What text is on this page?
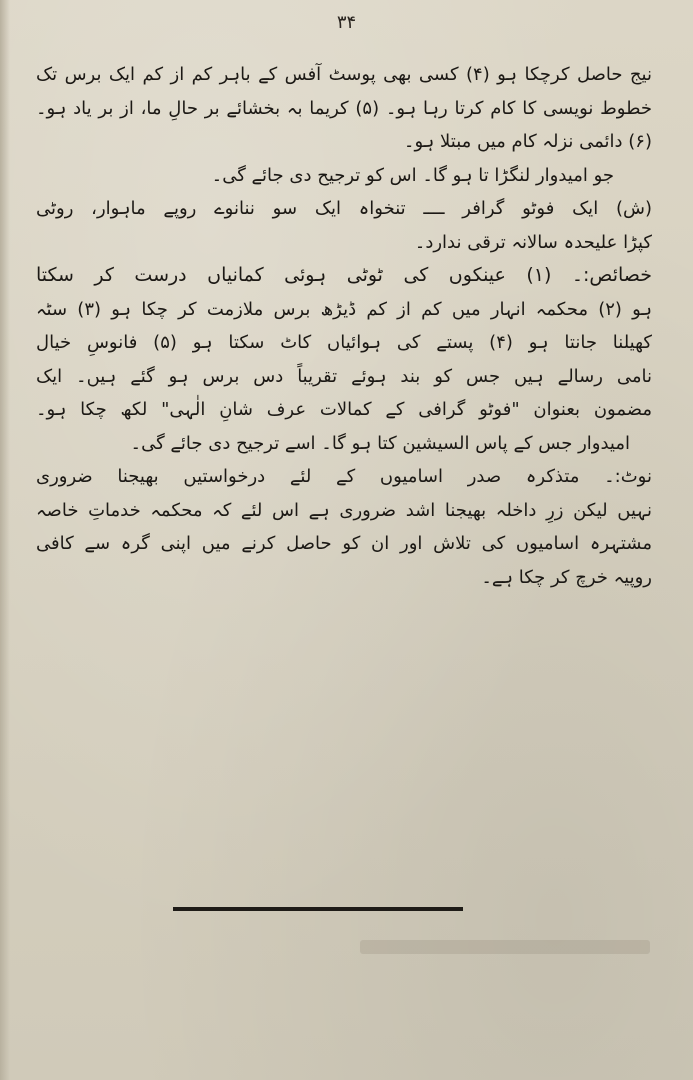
۳۴
نیج حاصل کرچکا ہو (۴) کسی بھی پوسٹ آفس کے باہر کم از کم ایک برس تک
خطوط نویسی کا کام کرتا رہا ہو۔ (۵) کریما بہ بخشائے بر حالِ ما، از بر یاد ہو۔
(۶) دائمی نزلہ کام میں مبتلا ہو۔
جو امیدوار لنگڑا تا ہو گا۔ اس کو ترجیح دی جائے گی۔
(ش) ایک فوٹو گرافر ــــ تنخواہ ایک سو ننانوے روپے ماہوار، روٹی
کپڑا علیحدہ سالانہ ترقی ندارد۔
خصائص:۔ (۱) عینکوں کی ٹوٹی ہوئی کمانیاں درست کر سکتا
ہو (۲) محکمہ انہار میں کم از کم ڈیڑھ برس ملازمت کر چکا ہو (۳) سٹہ
کھیلنا جانتا ہو (۴) پستے کی ہوائیاں کاٹ سکتا ہو (۵) فانوسِ خیال
نامی رسالے ہیں جس کو بند ہوئے تقریباً دس برس ہو گئے ہیں۔ ایک
مضمون بعنوان "فوٹو گرافی کے کمالات عرف شانِ الٰہی" لکھ چکا ہو۔
امیدوار جس کے پاس السیشین کتا ہو گا۔ اسے ترجیح دی جائے گی۔
نوٹ:۔ متذکرہ صدر اسامیوں کے لئے درخواستیں بھیجنا ضروری
نہیں لیکن زرِ داخلہ بھیجنا اشد ضروری ہے اس لئے کہ محکمہ خدماتِ خاصہ
مشتہرہ اسامیوں کی تلاش اور ان کو حاصل کرنے میں اپنی گرہ سے کافی
روپیہ خرچ کر چکا ہے۔
